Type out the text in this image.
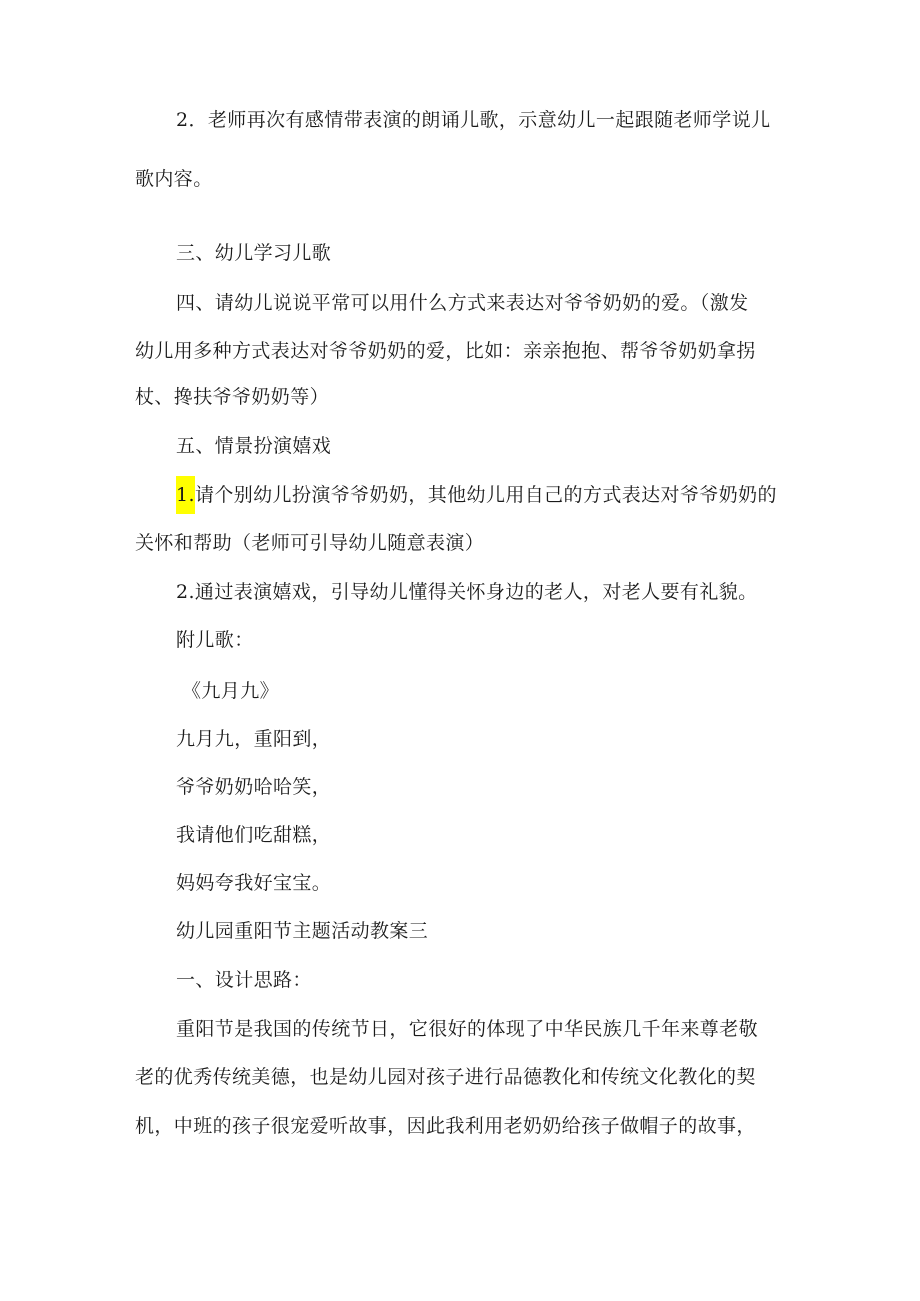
2．老师再次有感情带表演的朗诵儿歌，示意幼儿一起跟随老师学说儿
歌内容。
三、幼儿学习儿歌
四、请幼儿说说平常可以用什么方式来表达对爷爷奶奶的爱。（激发
幼儿用多种方式表达对爷爷奶奶的爱，比如：亲亲抱抱、帮爷爷奶奶拿拐
杖、搀扶爷爷奶奶等）
五、情景扮演嬉戏
1.请个别幼儿扮演爷爷奶奶，其他幼儿用自己的方式表达对爷爷奶奶的
关怀和帮助（老师可引导幼儿随意表演）
2.通过表演嬉戏，引导幼儿懂得关怀身边的老人，对老人要有礼貌。
附儿歌：
《九月九》
九月九，重阳到，
爷爷奶奶哈哈笑，
我请他们吃甜糕，
妈妈夸我好宝宝。
幼儿园重阳节主题活动教案三
一、设计思路：
重阳节是我国的传统节日，它很好的体现了中华民族几千年来尊老敬
老的优秀传统美德，也是幼儿园对孩子进行品德教化和传统文化教化的契
机，中班的孩子很宠爱听故事，因此我利用老奶奶给孩子做帽子的故事，
